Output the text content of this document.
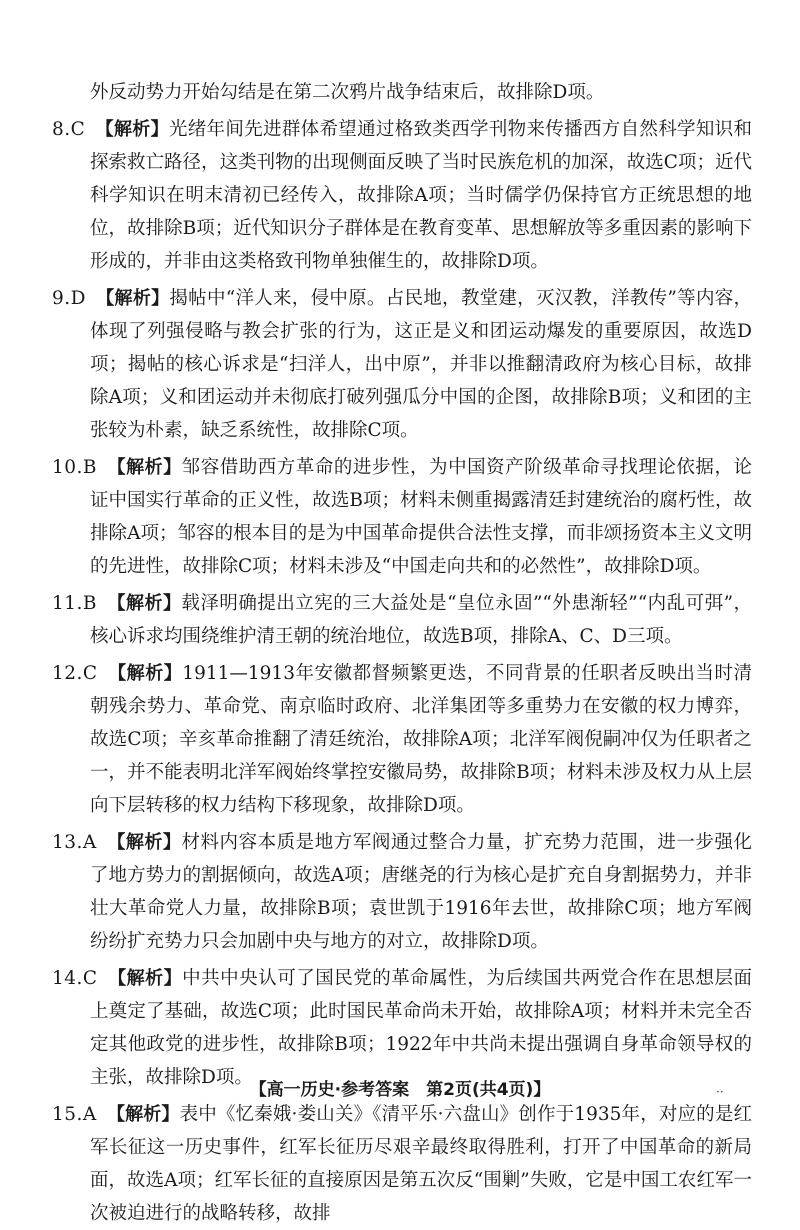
外反动势力开始勾结是在第二次鸦片战争结束后，故排除D项。

8.C 【解析】光绪年间先进群体希望通过格致类西学刊物来传播西方自然科学知识和探索救亡路径，这类刊物的出现侧面反映了当时民族危机的加深，故选C项；近代科学知识在明末清初已经传入，故排除A项；当时儒学仍保持官方正统思想的地位，故排除B项；近代知识分子群体是在教育变革、思想解放等多重因素的影响下形成的，并非由这类格致刊物单独催生的，故排除D项。

9.D 【解析】揭帖中“洋人来，侵中原。占民地，教堂建，灭汉教，洋教传”等内容，体现了列强侵略与教会扩张的行为，这正是义和团运动爆发的重要原因，故选D项；揭帖的核心诉求是“扫洋人，出中原”，并非以推翻清政府为核心目标，故排除A项；义和团运动并未彻底打破列强瓜分中国的企图，故排除B项；义和团的主张较为朴素，缺乏系统性，故排除C项。

10.B 【解析】邹容借助西方革命的进步性，为中国资产阶级革命寻找理论依据，论证中国实行革命的正义性，故选B项；材料未侧重揭露清廷封建统治的腐朽性，故排除A项；邹容的根本目的是为中国革命提供合法性支撑，而非颂扬资本主义文明的先进性，故排除C项；材料未涉及“中国走向共和的必然性”，故排除D项。

11.B 【解析】载泽明确提出立宪的三大益处是“皇位永固”“外患渐轻”“内乱可弭”，核心诉求均围绕维护清王朝的统治地位，故选B项，排除A、C、D三项。

12.C 【解析】1911—1913年安徽都督频繁更迭，不同背景的任职者反映出当时清朝残余势力、革命党、南京临时政府、北洋集团等多重势力在安徽的权力博弈，故选C项；辛亥革命推翻了清廷统治，故排除A项；北洋军阀倪嗣冲仅为任职者之一，并不能表明北洋军阀始终掌控安徽局势，故排除B项；材料未涉及权力从上层向下层转移的权力结构下移现象，故排除D项。

13.A 【解析】材料内容本质是地方军阀通过整合力量，扩充势力范围，进一步强化了地方势力的割据倾向，故选A项；唐继尧的行为核心是扩充自身割据势力，并非壮大革命党人力量，故排除B项；袁世凯于1916年去世，故排除C项；地方军阀纷纷扩充势力只会加剧中央与地方的对立，故排除D项。

14.C 【解析】中共中央认可了国民党的革命属性，为后续国共两党合作在思想层面上奠定了基础，故选C项；此时国民革命尚未开始，故排除A项；材料并未完全否定其他政党的进步性，故排除B项；1922年中共尚未提出强调自身革命领导权的主张，故排除D项。

15.A 【解析】表中《忆秦娥·娄山关》《清平乐·六盘山》创作于1935年，对应的是红军长征这一历史事件，红军长征历尽艰辛最终取得胜利，打开了中国革命的新局面，故选A项；红军长征的直接原因是第五次反“围剿”失败，它是中国工农红军一次被迫进行的战略转移，故排

【高一历史·参考答案　第2页(共4页)】	··
